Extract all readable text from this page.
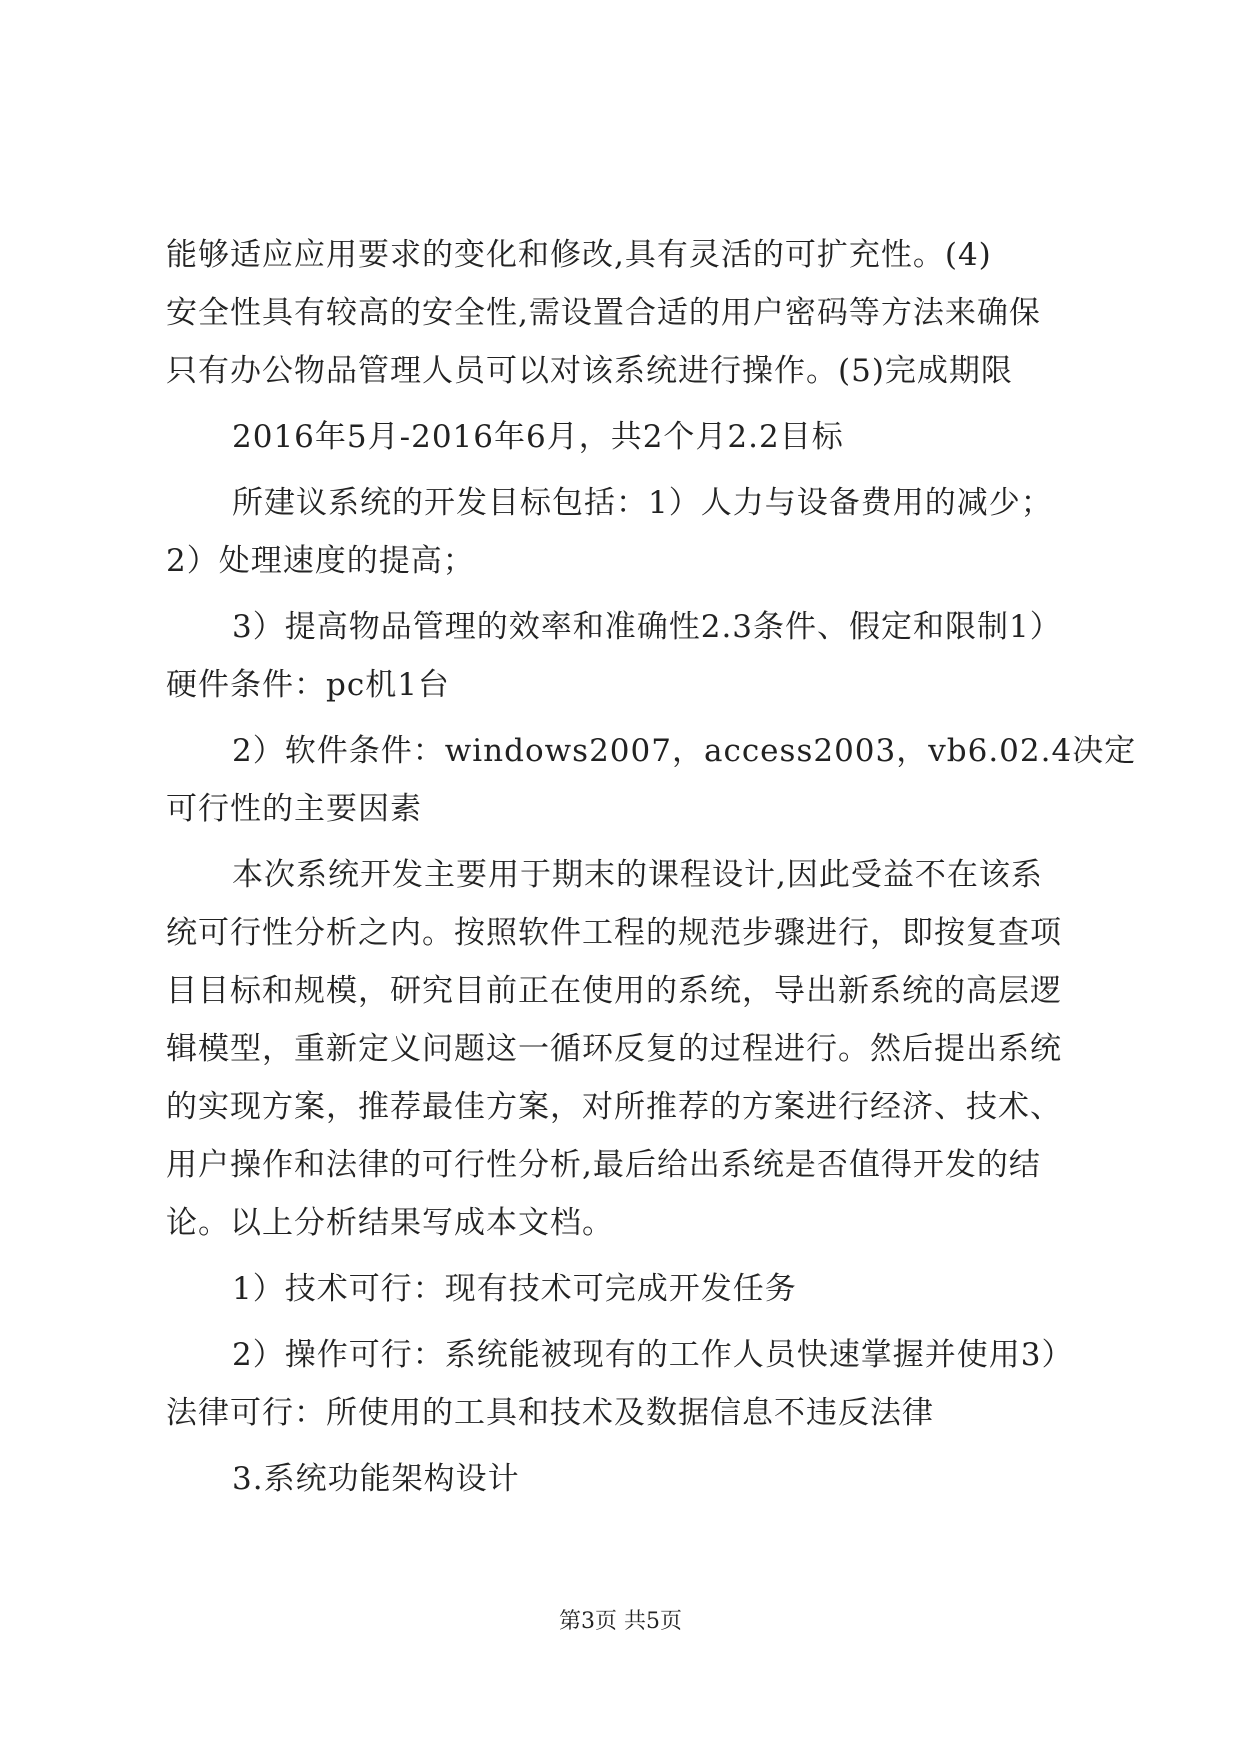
能够适应应用要求的变化和修改,具有灵活的可扩充性。(4)

安全性具有较高的安全性,需设置合适的用户密码等方法来确保

只有办公物品管理人员可以对该系统进行操作。(5)完成期限

2016年5月-2016年6月，共2个月2.2目标

所建议系统的开发目标包括：1）人力与设备费用的减少；

2）处理速度的提高；

3）提高物品管理的效率和准确性2.3条件、假定和限制1）

硬件条件：pc机1台

2）软件条件：windows2007，access2003，vb6.02.4决定

可行性的主要因素

本次系统开发主要用于期末的课程设计,因此受益不在该系

统可行性分析之内。按照软件工程的规范步骤进行，即按复查项

目目标和规模，研究目前正在使用的系统，导出新系统的高层逻

辑模型，重新定义问题这一循环反复的过程进行。然后提出系统

的实现方案，推荐最佳方案，对所推荐的方案进行经济、技术、

用户操作和法律的可行性分析,最后给出系统是否值得开发的结

论。以上分析结果写成本文档。

1）技术可行：现有技术可完成开发任务

2）操作可行：系统能被现有的工作人员快速掌握并使用3）

法律可行：所使用的工具和技术及数据信息不违反法律

3.系统功能架构设计

第3页 共5页
